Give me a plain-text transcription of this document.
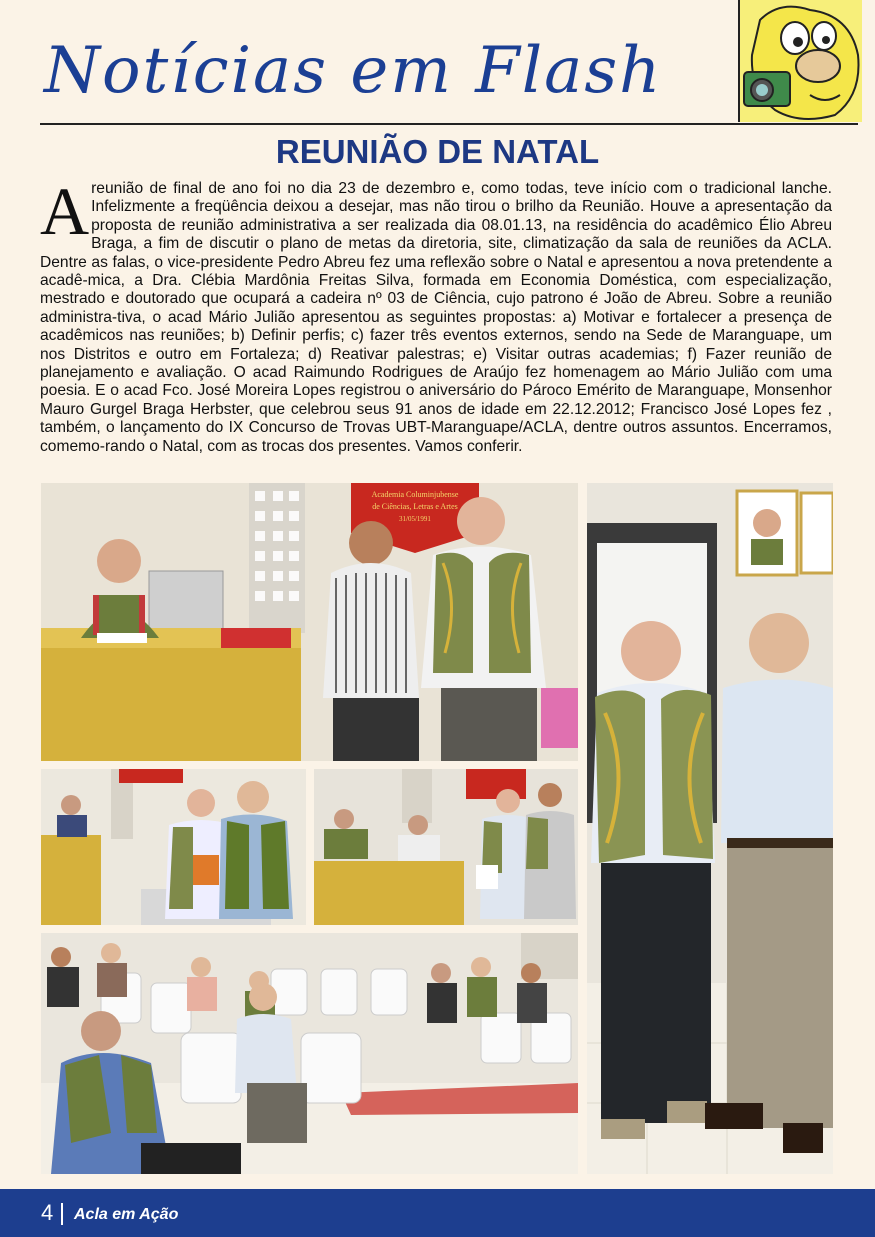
Notícias em Flash
REUNIÃO DE NATAL
A reunião de final de ano foi no dia 23 de dezembro e, como todas, teve início com o tradicional lanche. Infelizmente a freqüência deixou a desejar, mas não tirou o brilho da Reunião. Houve a apresentação da proposta de reunião administrativa a ser realizada dia 08.01.13, na residência do acadêmico Élio Abreu Braga, a fim de discutir o plano de metas da diretoria, site, climatização da sala de reuniões da ACLA. Dentre as falas, o vice-presidente Pedro Abreu fez uma reflexão sobre o Natal e apresentou a nova pretendente a acadê-mica, a Dra. Clébia Mardônia Freitas Silva, formada em Economia Doméstica, com especialização, mestrado e doutorado que ocupará a cadeira nº 03 de Ciência, cujo patrono é João de Abreu. Sobre a reunião administra-tiva, o acad Mário Julião apresentou as seguintes propostas: a) Motivar e fortalecer a presença de acadêmicos nas reuniões; b) Definir perfis; c) fazer três eventos externos, sendo na Sede de Maranguape, um nos Distritos e outro em Fortaleza; d) Reativar palestras; e) Visitar outras academias; f) Fazer reunião de planejamento e avaliação. O acad Raimundo Rodrigues de Araújo fez homenagem ao Mário Julião com uma poesia. E o acad Fco. José Moreira Lopes registrou o aniversário do Pároco Emérito de Maranguape, Monsenhor Mauro Gurgel Braga Herbster, que celebrou seus 91 anos de idade em 22.12.2012; Francisco José Lopes fez , também, o lançamento do IX Concurso de Trovas UBT-Maranguape/ACLA, dentre outros assuntos. Encerramos, comemo-rando o Natal, com as trocas dos presentes. Vamos conferir.
Academia Columinjubense
de Ciências, Letras e Artes
31/05/1991
4 Acla em Ação
